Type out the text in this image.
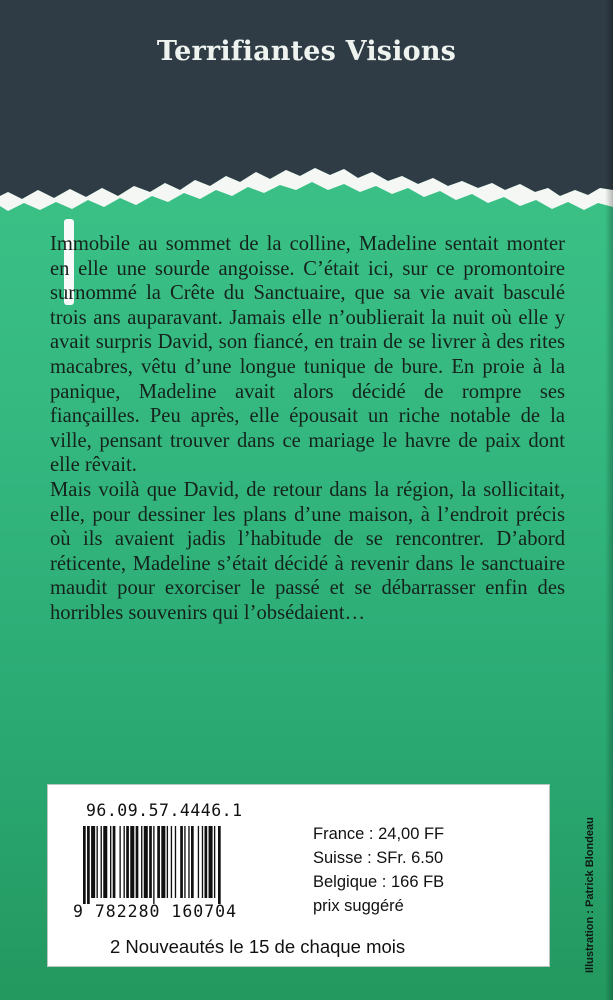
Terrifiantes Visions

Immobile au sommet de la colline, Madeline sentait monter en elle une sourde angoisse. C’était ici, sur ce promontoire surnommé la Crête du Sanctuaire, que sa vie avait basculé trois ans auparavant. Jamais elle n’oublierait la nuit où elle y avait surpris David, son fiancé, en train de se livrer à des rites macabres, vêtu d’une longue tunique de bure. En proie à la panique, Madeline avait alors décidé de rompre ses fiançailles. Peu après, elle épousait un riche notable de la ville, pensant trouver dans ce mariage le havre de paix dont elle rêvait.

Mais voilà que David, de retour dans la région, la sollicitait, elle, pour dessiner les plans d’une maison, à l’endroit précis où ils avaient jadis l’habitude de se rencontrer. D’abord réticente, Madeline s’était décidé à revenir dans le sanctuaire maudit pour exorciser le passé et se débarrasser enfin des horribles souvenirs qui l’obsédaient…

Illustration : Patrick Blondeau
96.09.57.4446.1
9 782280 160704
France : 24,00 FF
Suisse : SFr. 6.50
Belgique : 166 FB
prix suggéré
2 Nouveautés le 15 de chaque mois
